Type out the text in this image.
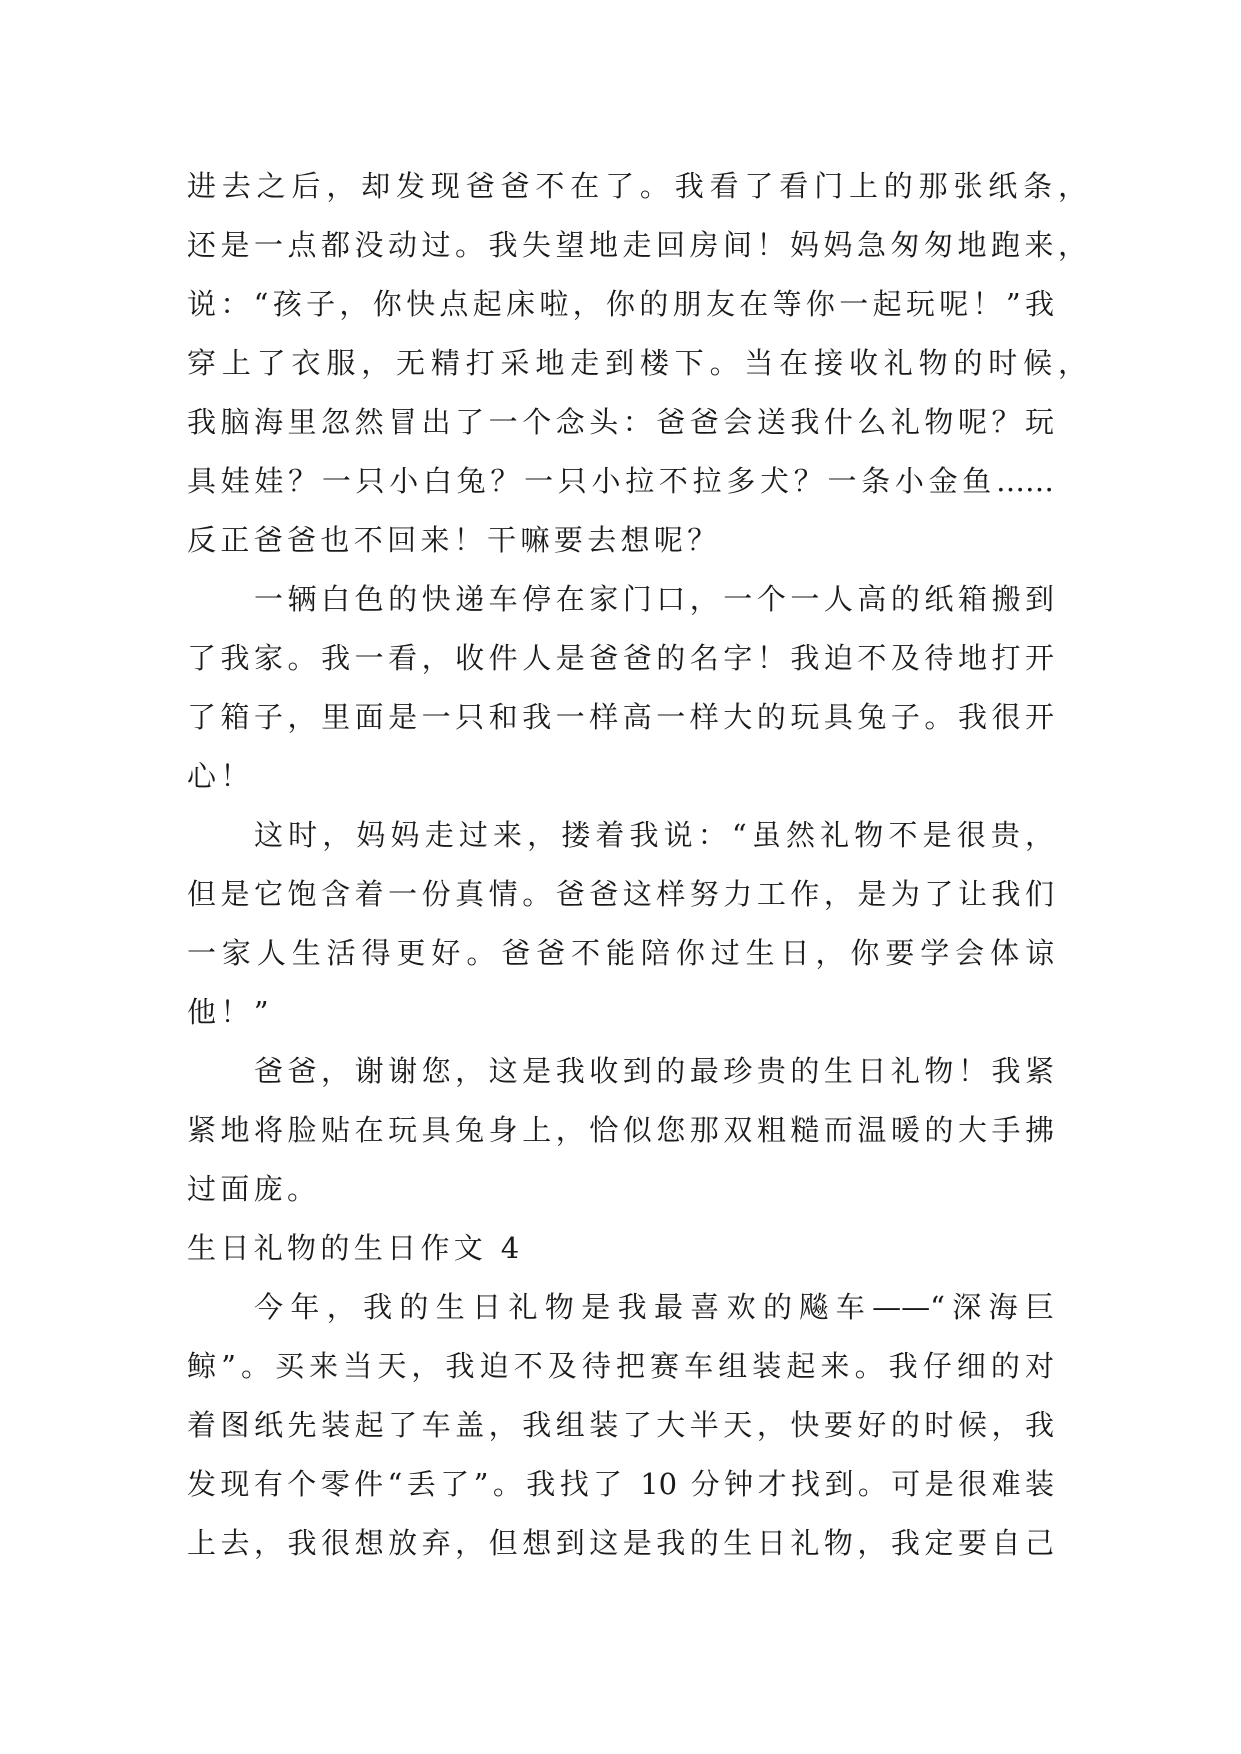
进去之后，却发现爸爸不在了。我看了看门上的那张纸条，
还是一点都没动过。我失望地走回房间！妈妈急匆匆地跑来，
说：“孩子，你快点起床啦，你的朋友在等你一起玩呢！”我
穿上了衣服，无精打采地走到楼下。当在接收礼物的时候，
我脑海里忽然冒出了一个念头：爸爸会送我什么礼物呢？玩
具娃娃？一只小白兔？一只小拉不拉多犬？一条小金鱼……
反正爸爸也不回来！干嘛要去想呢？
一辆白色的快递车停在家门口，一个一人高的纸箱搬到
了我家。我一看，收件人是爸爸的名字！我迫不及待地打开
了箱子，里面是一只和我一样高一样大的玩具兔子。我很开
心！
这时，妈妈走过来，搂着我说：“虽然礼物不是很贵，
但是它饱含着一份真情。爸爸这样努力工作，是为了让我们
一家人生活得更好。爸爸不能陪你过生日，你要学会体谅
他！”
爸爸，谢谢您，这是我收到的最珍贵的生日礼物！我紧
紧地将脸贴在玩具兔身上，恰似您那双粗糙而温暖的大手拂
过面庞。
生日礼物的生日作文 4
今年，我的生日礼物是我最喜欢的飚车——“深海巨
鲸”。买来当天，我迫不及待把赛车组装起来。我仔细的对
着图纸先装起了车盖，我组装了大半天，快要好的时候，我
发现有个零件“丢了”。我找了 10 分钟才找到。可是很难装
上去，我很想放弃，但想到这是我的生日礼物，我定要自己
